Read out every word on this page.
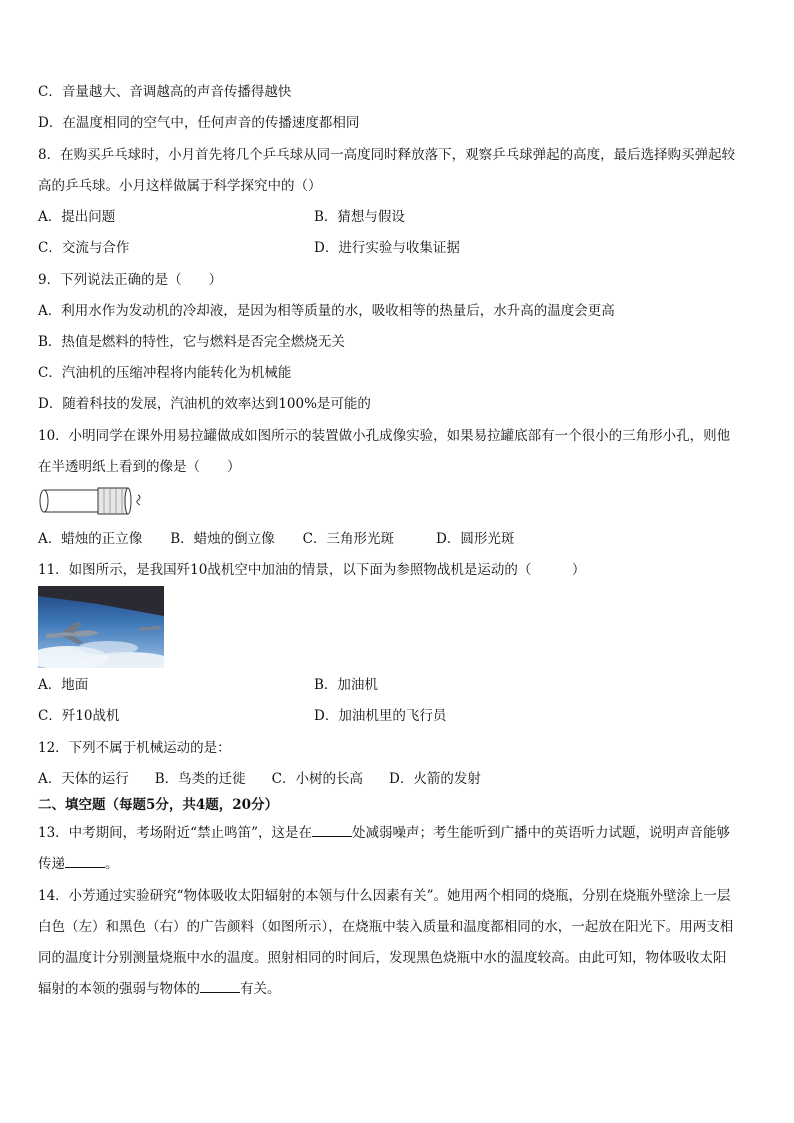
C．音量越大、音调越高的声音传播得越快
D．在温度相同的空气中，任何声音的传播速度都相同
8．在购买乒乓球时，小月首先将几个乒乓球从同一高度同时释放落下，观察乒乓球弹起的高度，最后选择购买弹起较
高的乒乓球。小月这样做属于科学探究中的（）
A．提出问题	B．猜想与假设
C．交流与合作	D．进行实验与收集证据
9．下列说法正确的是（　　）
A．利用水作为发动机的冷却液，是因为相等质量的水，吸收相等的热量后，水升高的温度会更高
B．热值是燃料的特性，它与燃料是否完全燃烧无关
C．汽油机的压缩冲程将内能转化为机械能
D．随着科技的发展，汽油机的效率达到100%是可能的
10．小明同学在课外用易拉罐做成如图所示的装置做小孔成像实验，如果易拉罐底部有一个很小的三角形小孔，则他
在半透明纸上看到的像是（　　）
A．蜡烛的正立像 B．蜡烛的倒立像 C．三角形光斑	D．圆形光斑
11．如图所示，是我国歼10战机空中加油的情景，以下面为参照物战机是运动的（　　　）
A．地面	B．加油机
C．歼10战机	D．加油机里的飞行员
12．下列不属于机械运动的是：
A．天体的运行 B．鸟类的迁徙 C．小树的长高 D．火箭的发射
二、填空题（每题5分，共4题，20分）
13．中考期间，考场附近“禁止鸣笛”，这是在	处减弱噪声；考生能听到广播中的英语听力试题，说明声音能够
传递	。
14．小芳通过实验研究“物体吸收太阳辐射的本领与什么因素有关”。她用两个相同的烧瓶，分别在烧瓶外壁涂上一层
白色（左）和黑色（右）的广告颜料（如图所示），在烧瓶中装入质量和温度都相同的水，一起放在阳光下。用两支相
同的温度计分别测量烧瓶中水的温度。照射相同的时间后，发现黑色烧瓶中水的温度较高。由此可知，物体吸收太阳
辐射的本领的强弱与物体的	有关。
